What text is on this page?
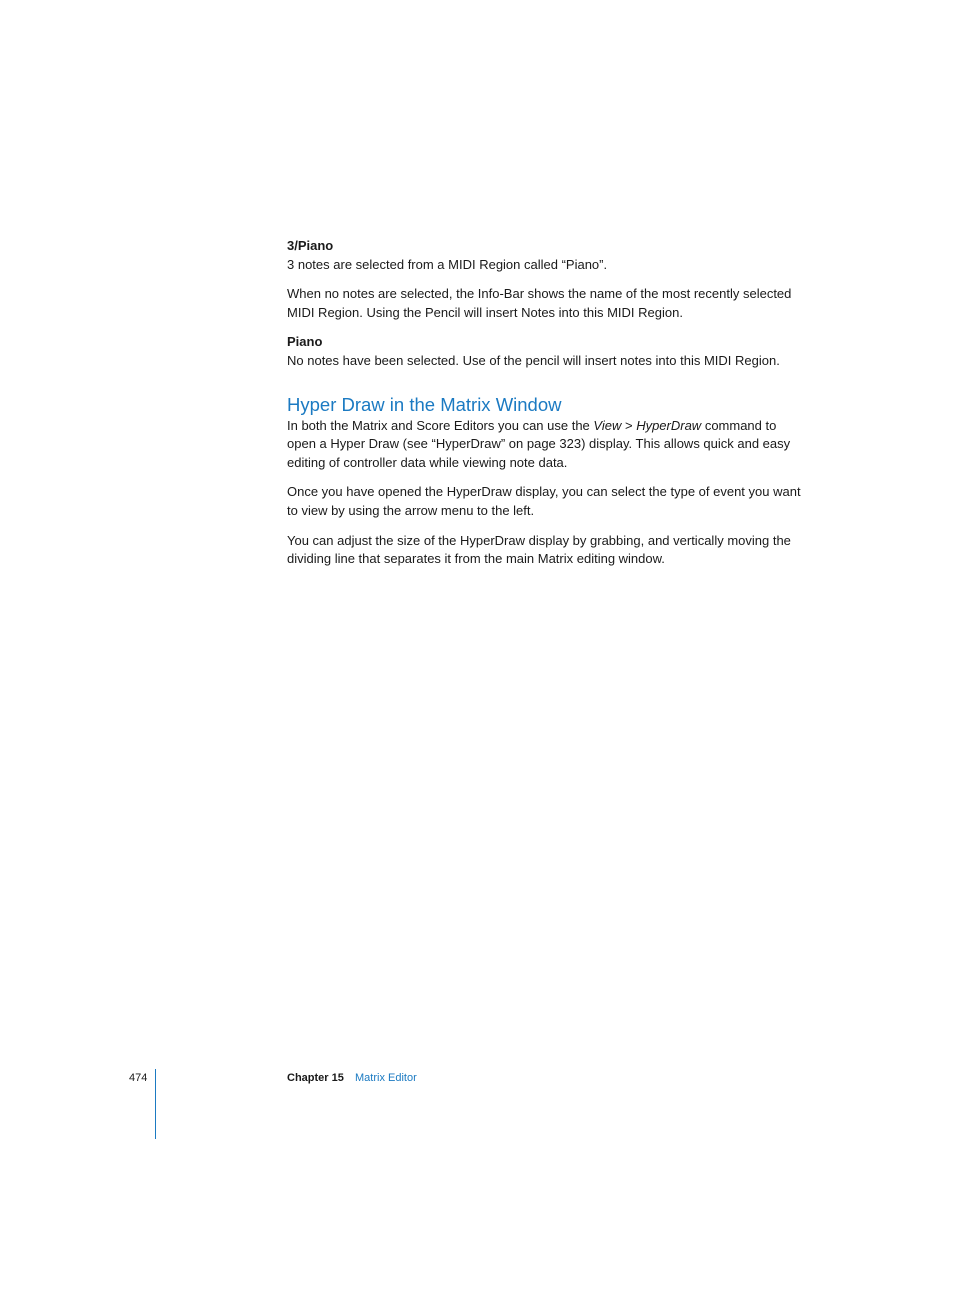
3/Piano

3 notes are selected from a MIDI Region called “Piano”.

When no notes are selected, the Info-Bar shows the name of the most recently selected MIDI Region. Using the Pencil will insert Notes into this MIDI Region.

Piano

No notes have been selected. Use of the pencil will insert notes into this MIDI Region.

Hyper Draw in the Matrix Window

In both the Matrix and Score Editors you can use the View > HyperDraw command to open a Hyper Draw (see “HyperDraw” on page 323) display. This allows quick and easy editing of controller data while viewing note data.

Once you have opened the HyperDraw display, you can select the type of event you want to view by using the arrow menu to the left.

You can adjust the size of the HyperDraw display by grabbing, and vertically moving the dividing line that separates it from the main Matrix editing window.

474	Chapter 15 Matrix Editor
